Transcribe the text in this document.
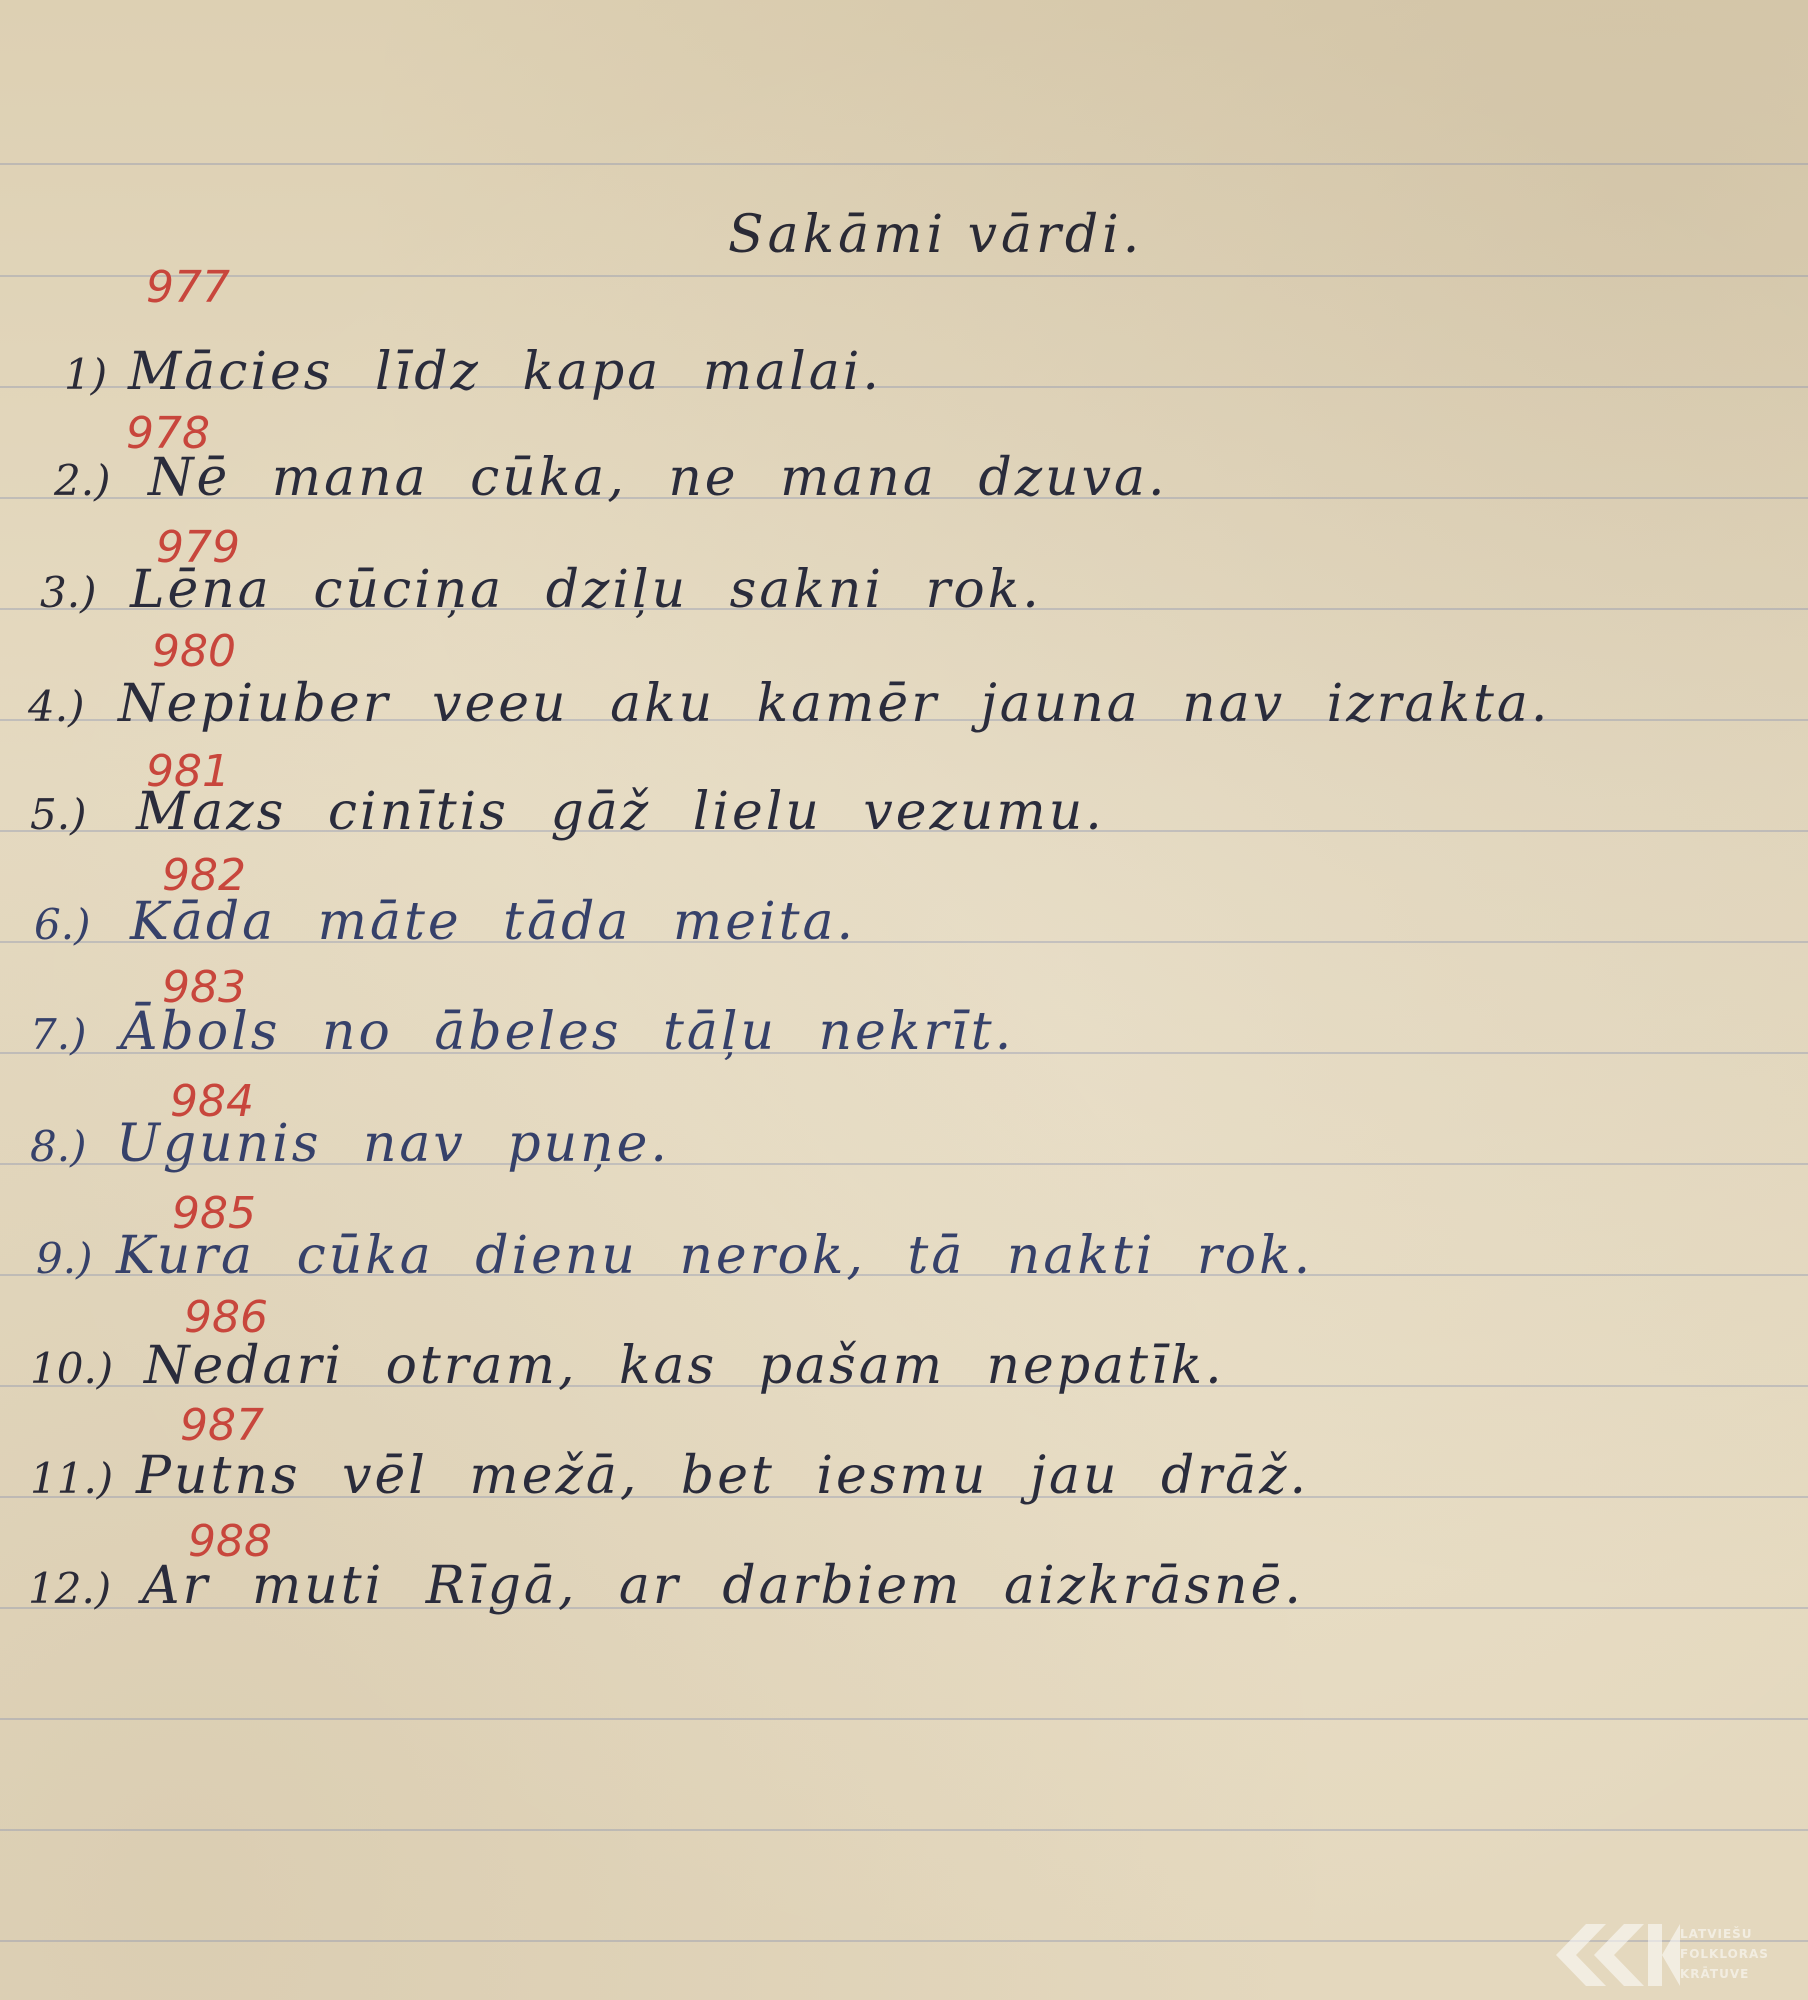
Sakāmi vārdi.
977
1) Mācies līdz kapa malai.
978
2.) Nē mana cūka, ne mana dzuva.
979
3.) Lēna cūciņa dziļu sakni rok.
980
4.) Nepiuber veeu aku kamēr jauna nav izrakta.
981
5.) Mazs cinītis gāž lielu vezumu.
982
6.) Kāda māte tāda meita.
983
7.) Ābols no ābeles tāļu nekrīt.
984
8.) Ugunis nav puņe.
985
9.) Kura cūka dienu nerok, tā nakti rok.
986
10.) Nedari otram, kas pašam nepatīk.
987
11.) Putns vēl mežā, bet iesmu jau drāž.
988
12.) Ar muti Rīgā, ar darbiem aizkrāsnē.
LATVIEŠU
FOLKLORAS
KRĀTUVE
